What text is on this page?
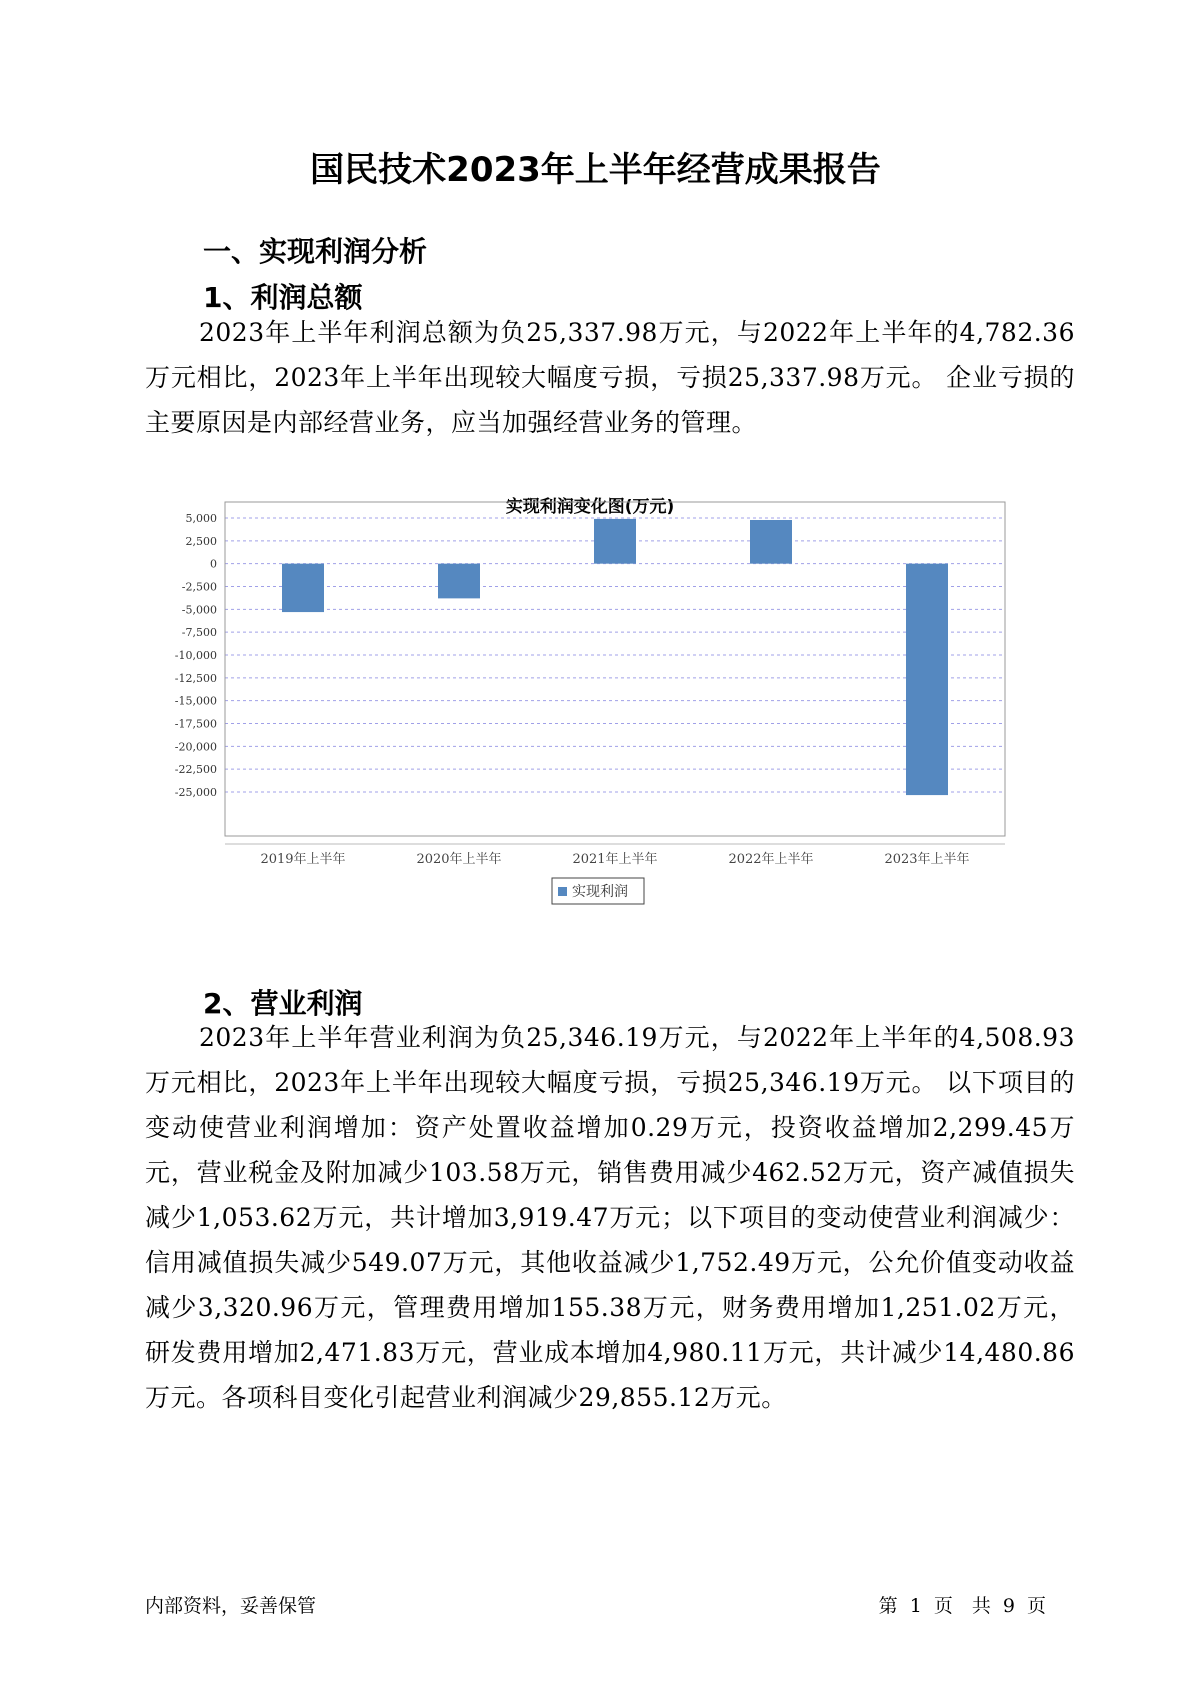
国民技术2023年上半年经营成果报告
一、实现利润分析
1、利润总额
2023年上半年利润总额为负25,337.98万元，与2022年上半年的4,782.36万元相比，2023年上半年出现较大幅度亏损，亏损25,337.98万元。 企业亏损的主要原因是内部经营业务，应当加强经营业务的管理。
实现利润变化图(万元)
5,000
2,500
0
-2,500
-5,000
-7,500
-10,000
-12,500
-15,000
-17,500
-20,000
-22,500
-25,000
2019年上半年	2020年上半年	2021年上半年	2022年上半年	2023年上半年
实现利润
2、营业利润
2023年上半年营业利润为负25,346.19万元，与2022年上半年的4,508.93万元相比，2023年上半年出现较大幅度亏损，亏损25,346.19万元。 以下项目的变动使营业利润增加：资产处置收益增加0.29万元，投资收益增加2,299.45万元，营业税金及附加减少103.58万元，销售费用减少462.52万元，资产减值损失减少1,053.62万元，共计增加3,919.47万元；以下项目的变动使营业利润减少：信用减值损失减少549.07万元，其他收益减少1,752.49万元，公允价值变动收益减少3,320.96万元，管理费用增加155.38万元，财务费用增加1,251.02万元，研发费用增加2,471.83万元，营业成本增加4,980.11万元，共计减少14,480.86万元。各项科目变化引起营业利润减少29,855.12万元。
内部资料，妥善保管	第 1 页　共 9 页
